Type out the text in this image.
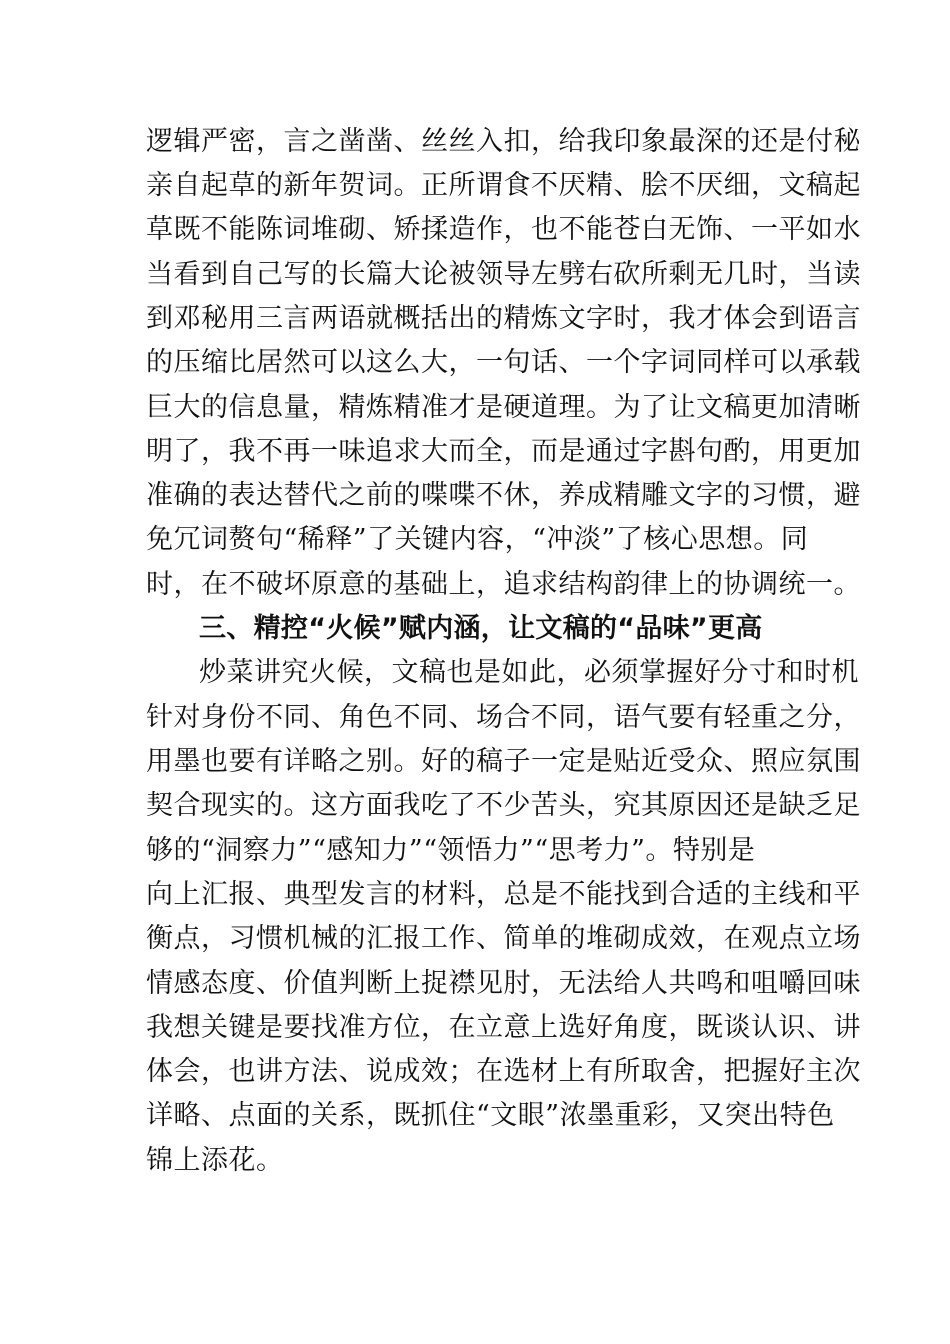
逻辑严密，言之凿凿、丝丝入扣，给我印象最深的还是付秘
亲自起草的新年贺词。正所谓食不厌精、脍不厌细，文稿起
草既不能陈词堆砌、矫揉造作，也不能苍白无饰、一平如水
当看到自己写的长篇大论被领导左劈右砍所剩无几时，当读
到邓秘用三言两语就概括出的精炼文字时，我才体会到语言
的压缩比居然可以这么大，一句话、一个字词同样可以承载
巨大的信息量，精炼精准才是硬道理。为了让文稿更加清晰
明了，我不再一味追求大而全，而是通过字斟句酌，用更加
准确的表达替代之前的喋喋不休，养成精雕文字的习惯，避
免冗词赘句“稀释”了关键内容，“冲淡”了核心思想。同
时，在不破坏原意的基础上，追求结构韵律上的协调统一。
三、精控“火候”赋内涵，让文稿的“品味”更高
炒菜讲究火候，文稿也是如此，必须掌握好分寸和时机
针对身份不同、角色不同、场合不同，语气要有轻重之分，
用墨也要有详略之别。好的稿子一定是贴近受众、照应氛围
契合现实的。这方面我吃了不少苦头，究其原因还是缺乏足
够的“洞察力”“感知力”“领悟力”“思考力”。特别是
向上汇报、典型发言的材料，总是不能找到合适的主线和平
衡点，习惯机械的汇报工作、简单的堆砌成效，在观点立场
情感态度、价值判断上捉襟见肘，无法给人共鸣和咀嚼回味
我想关键是要找准方位，在立意上选好角度，既谈认识、讲
体会，也讲方法、说成效；在选材上有所取舍，把握好主次
详略、点面的关系，既抓住“文眼”浓墨重彩，又突出特色
锦上添花。
